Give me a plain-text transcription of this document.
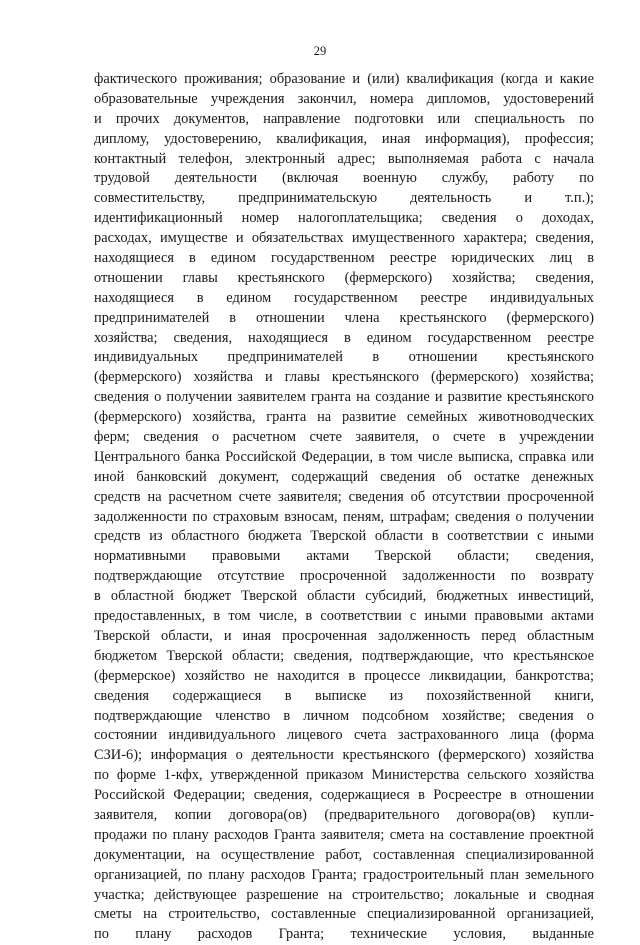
29
фактического проживания; образование и (или) квалификация (когда и какие
образовательные учреждения закончил, номера дипломов, удостоверений
и прочих документов, направление подготовки или специальность по
диплому, удостоверению, квалификация, иная информация), профессия;
контактный телефон, электронный адрес; выполняемая работа с начала
трудовой деятельности (включая военную службу, работу по
совместительству, предпринимательскую деятельность и т.п.);
идентификационный номер налогоплательщика; сведения о доходах,
расходах, имуществе и обязательствах имущественного характера; сведения,
находящиеся в едином государственном реестре юридических лиц в
отношении главы крестьянского (фермерского) хозяйства; сведения,
находящиеся в едином государственном реестре индивидуальных
предпринимателей в отношении члена крестьянского (фермерского)
хозяйства; сведения, находящиеся в едином государственном реестре
индивидуальных предпринимателей в отношении крестьянского
(фермерского) хозяйства и главы крестьянского (фермерского) хозяйства;
сведения о получении заявителем гранта на создание и развитие крестьянского
(фермерского) хозяйства, гранта на развитие семейных животноводческих
ферм; сведения о расчетном счете заявителя, о счете в учреждении
Центрального банка Российской Федерации, в том числе выписка, справка или
иной банковский документ, содержащий сведения об остатке денежных
средств на расчетном счете заявителя; сведения об отсутствии просроченной
задолженности по страховым взносам, пеням, штрафам; сведения о получении
средств из областного бюджета Тверской области в соответствии с иными
нормативными правовыми актами Тверской области; сведения,
подтверждающие отсутствие просроченной задолженности по возврату
в областной бюджет Тверской области субсидий, бюджетных инвестиций,
предоставленных, в том числе, в соответствии с иными правовыми актами
Тверской области, и иная просроченная задолженность перед областным
бюджетом Тверской области; сведения, подтверждающие, что крестьянское
(фермерское) хозяйство не находится в процессе ликвидации, банкротства;
сведения содержащиеся в выписке из похозяйственной книги,
подтверждающие членство в личном подсобном хозяйстве; сведения о
состоянии индивидуального лицевого счета застрахованного лица (форма
СЗИ-6); информация о деятельности крестьянского (фермерского) хозяйства
по форме 1-кфх, утвержденной приказом Министерства сельского хозяйства
Российской Федерации; сведения, содержащиеся в Росреестре в отношении
заявителя, копии договора(ов) (предварительного договора(ов) купли-
продажи по плану расходов Гранта заявителя; смета на составление проектной
документации, на осуществление работ, составленная специализированной
организацией, по плану расходов Гранта; градостроительный план земельного
участка; действующее разрешение на строительство; локальные и сводная
сметы на строительство, составленные специализированной организацией,
по плану расходов Гранта; технические условия, выданные
